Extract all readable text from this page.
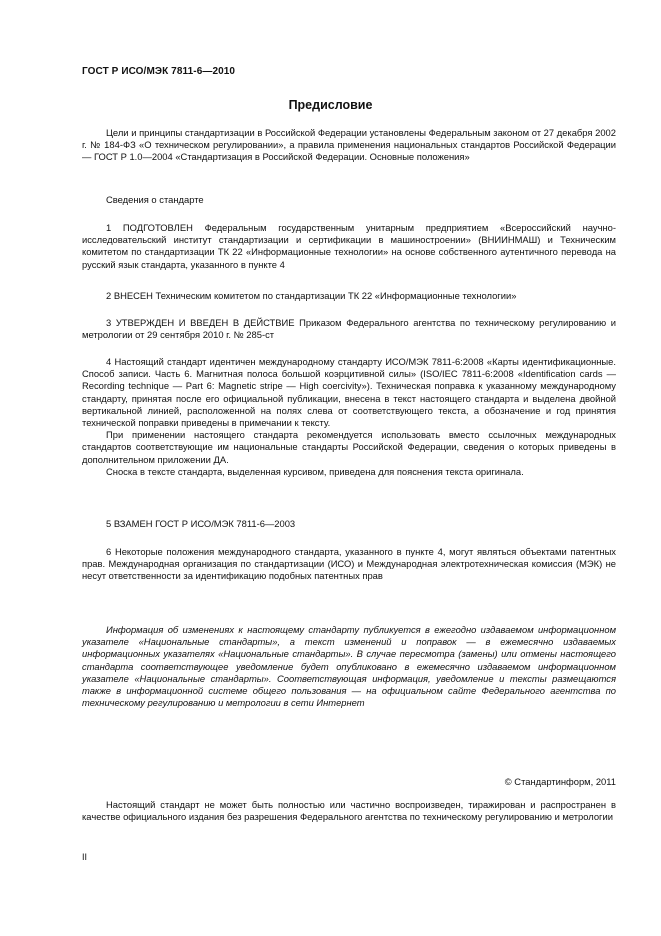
ГОСТ Р ИСО/МЭК 7811-6—2010
Предисловие

Цели и принципы стандартизации в Российской Федерации установлены Федеральным законом от 27 декабря 2002 г. № 184-ФЗ «О техническом регулировании», а правила применения национальных стандартов Российской Федерации — ГОСТ Р 1.0—2004 «Стандартизация в Российской Федерации. Основные положения»

Сведения о стандарте

1 ПОДГОТОВЛЕН Федеральным государственным унитарным предприятием «Всероссийский научно-исследовательский институт стандартизации и сертификации в машиностроении» (ВНИИНМАШ) и Техническим комитетом по стандартизации ТК 22 «Информационные технологии» на основе собственного аутентичного перевода на русский язык стандарта, указанного в пункте 4

2 ВНЕСЕН Техническим комитетом по стандартизации ТК 22 «Информационные технологии»

3 УТВЕРЖДЕН И ВВЕДЕН В ДЕЙСТВИЕ Приказом Федерального агентства по техническому регулированию и метрологии от 29 сентября 2010 г. № 285-ст

4 Настоящий стандарт идентичен международному стандарту ИСО/МЭК 7811-6:2008 «Карты идентификационные. Способ записи. Часть 6. Магнитная полоса большой коэрцитивной силы» (ISO/IEC 7811-6:2008 «Identification cards — Recording technique — Part 6: Magnetic stripe — High coercivity»). Техническая поправка к указанному международному стандарту, принятая после его официальной публикации, внесена в текст настоящего стандарта и выделена двойной вертикальной линией, расположенной на полях слева от соответствующего текста, а обозначение и год принятия технической поправки приведены в примечании к тексту.

При применении настоящего стандарта рекомендуется использовать вместо ссылочных международных стандартов соответствующие им национальные стандарты Российской Федерации, сведения о которых приведены в дополнительном приложении ДА.

Сноска в тексте стандарта, выделенная курсивом, приведена для пояснения текста оригинала.

5 ВЗАМЕН ГОСТ Р ИСО/МЭК 7811-6—2003

6 Некоторые положения международного стандарта, указанного в пункте 4, могут являться объектами патентных прав. Международная организация по стандартизации (ИСО) и Международная электротехническая комиссия (МЭК) не несут ответственности за идентификацию подобных патентных прав

Информация об изменениях к настоящему стандарту публикуется в ежегодно издаваемом информационном указателе «Национальные стандарты», а текст изменений и поправок — в ежемесячно издаваемых информационных указателях «Национальные стандарты». В случае пересмотра (замены) или отмены настоящего стандарта соответствующее уведомление будет опубликовано в ежемесячно издаваемом информационном указателе «Национальные стандарты». Соответствующая информация, уведомление и тексты размещаются также в информационной системе общего пользования — на официальном сайте Федерального агентства по техническому регулированию и метрологии в сети Интернет

© Стандартинформ, 2011

Настоящий стандарт не может быть полностью или частично воспроизведен, тиражирован и распространен в качестве официального издания без разрешения Федерального агентства по техническому регулированию и метрологии

II
